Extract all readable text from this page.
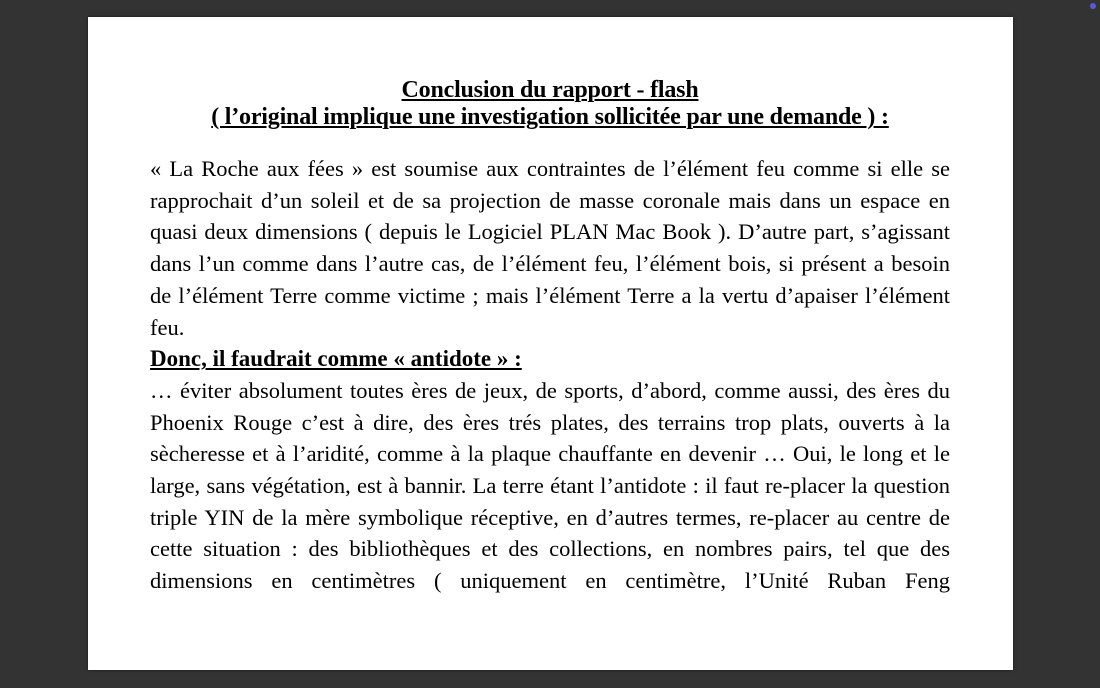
Conclusion du rapport - flash
( l’original implique une investigation sollicitée par une demande ) :
« La Roche aux fées » est soumise aux contraintes de l’élément feu comme si elle se rapprochait d’un soleil et de sa projection de masse coronale mais dans un espace en quasi deux dimensions ( depuis le Logiciel PLAN Mac Book ). D’autre part, s’agissant dans l’un comme dans l’autre cas, de l’élément feu, l’élément bois, si présent a besoin de l’élément Terre comme victime ; mais l’élément Terre a la vertu d’apaiser l’élément feu.
Donc, il faudrait comme « antidote » :
… éviter absolument toutes ères de jeux, de sports, d’abord, comme aussi, des ères du Phoenix Rouge c’est à dire, des ères trés plates, des terrains trop plats, ouverts à la sècheresse et à l’aridité, comme à la plaque chauffante en devenir … Oui, le long et le large, sans végétation, est à bannir. La terre étant l’antidote : il faut re-placer la question triple YIN de la mère symbolique réceptive, en d’autres termes, re-placer au centre de cette situation : des bibliothèques et des collections, en nombres pairs, tel que des dimensions en centimètres ( uniquement en centimètre, l’Unité Ruban Feng
